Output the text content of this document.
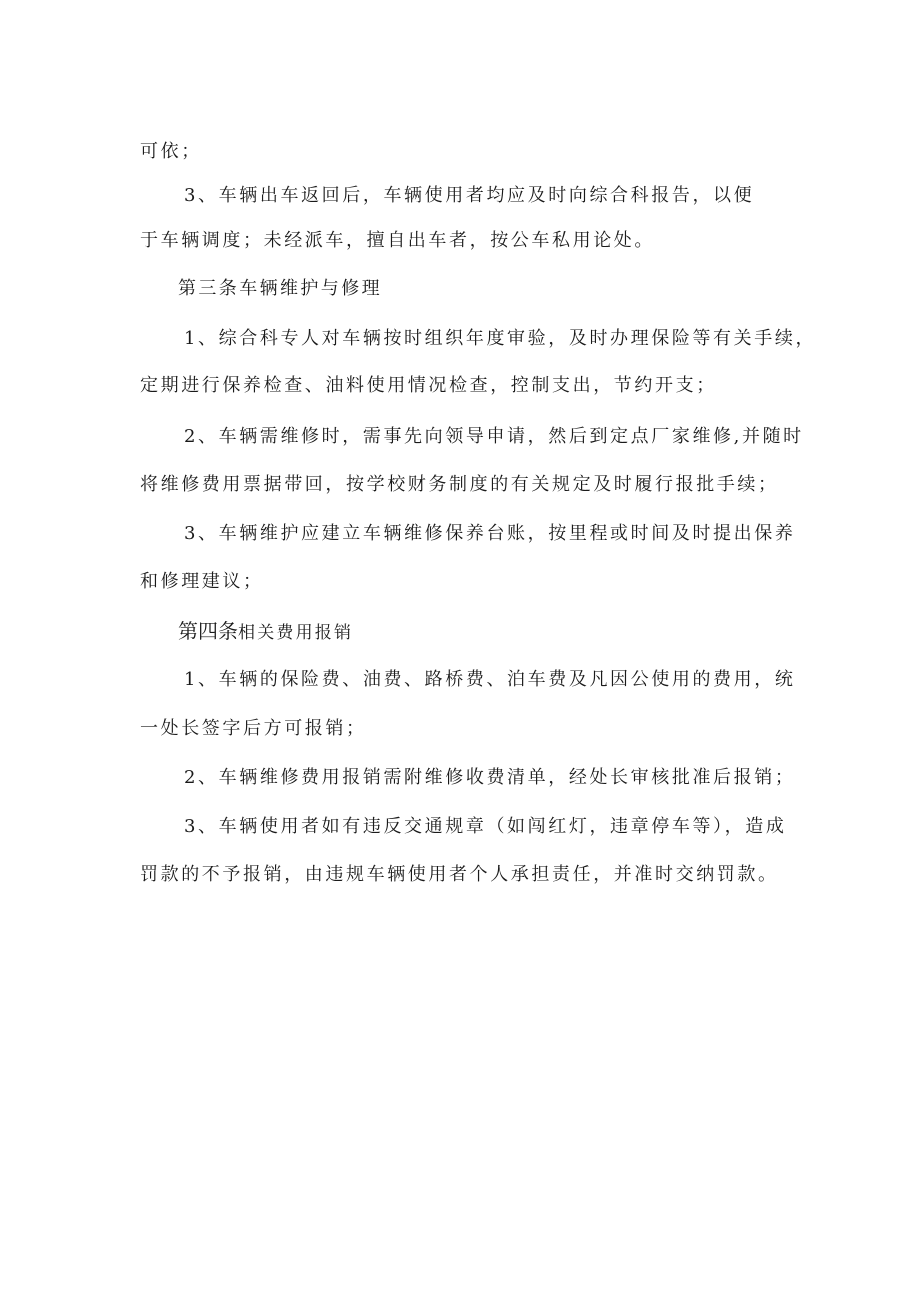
可依；
3、车辆出车返回后，车辆使用者均应及时向综合科报告，以便
于车辆调度；未经派车，擅自出车者，按公车私用论处。
第三条车辆维护与修理
1、综合科专人对车辆按时组织年度审验，及时办理保险等有关手续，
定期进行保养检查、油料使用情况检查，控制支出，节约开支；
2、车辆需维修时，需事先向领导申请，然后到定点厂家维修,并随时
将维修费用票据带回，按学校财务制度的有关规定及时履行报批手续；
3、车辆维护应建立车辆维修保养台账，按里程或时间及时提出保养
和修理建议；
第四条相关费用报销
1、车辆的保险费、油费、路桥费、泊车费及凡因公使用的费用，统
一处长签字后方可报销；
2、车辆维修费用报销需附维修收费清单，经处长审核批准后报销；
3、车辆使用者如有违反交通规章（如闯红灯，违章停车等），造成
罚款的不予报销，由违规车辆使用者个人承担责任，并准时交纳罚款。
